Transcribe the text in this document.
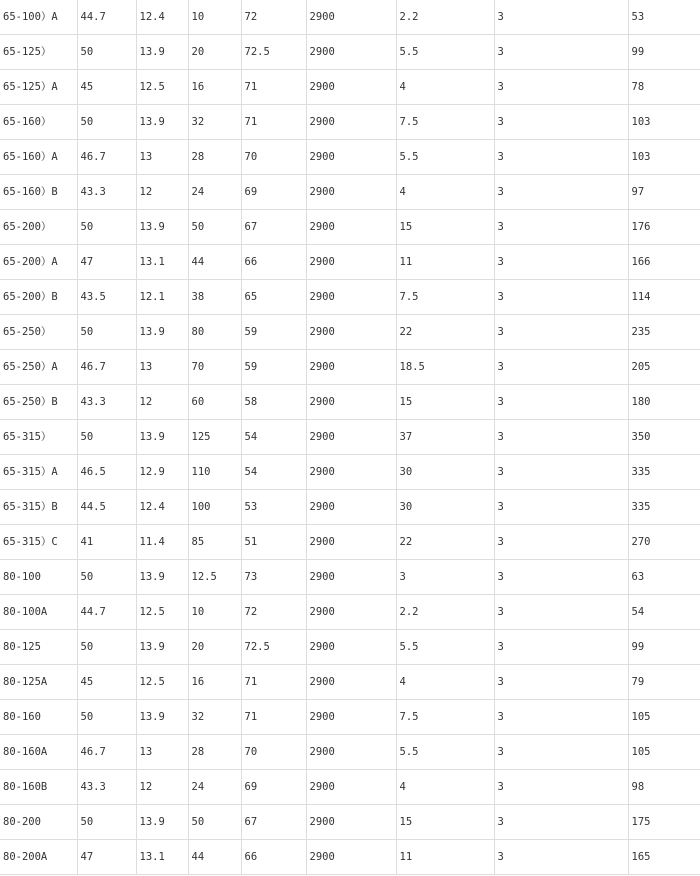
65-100）A	44.7	12.4	10	72	2900	2.2	3	53
65-125）	50	13.9	20	72.5	2900	5.5	3	99
65-125）A	45	12.5	16	71	2900	4	3	78
65-160）	50	13.9	32	71	2900	7.5	3	103
65-160）A	46.7	13	28	70	2900	5.5	3	103
65-160）B	43.3	12	24	69	2900	4	3	97
65-200）	50	13.9	50	67	2900	15	3	176
65-200）A	47	13.1	44	66	2900	11	3	166
65-200）B	43.5	12.1	38	65	2900	7.5	3	114
65-250）	50	13.9	80	59	2900	22	3	235
65-250）A	46.7	13	70	59	2900	18.5	3	205
65-250）B	43.3	12	60	58	2900	15	3	180
65-315）	50	13.9	125	54	2900	37	3	350
65-315）A	46.5	12.9	110	54	2900	30	3	335
65-315）B	44.5	12.4	100	53	2900	30	3	335
65-315）C	41	11.4	85	51	2900	22	3	270
80-100	50	13.9	12.5	73	2900	3	3	63
80-100A	44.7	12.5	10	72	2900	2.2	3	54
80-125	50	13.9	20	72.5	2900	5.5	3	99
80-125A	45	12.5	16	71	2900	4	3	79
80-160	50	13.9	32	71	2900	7.5	3	105
80-160A	46.7	13	28	70	2900	5.5	3	105
80-160B	43.3	12	24	69	2900	4	3	98
80-200	50	13.9	50	67	2900	15	3	175
80-200A	47	13.1	44	66	2900	11	3	165
